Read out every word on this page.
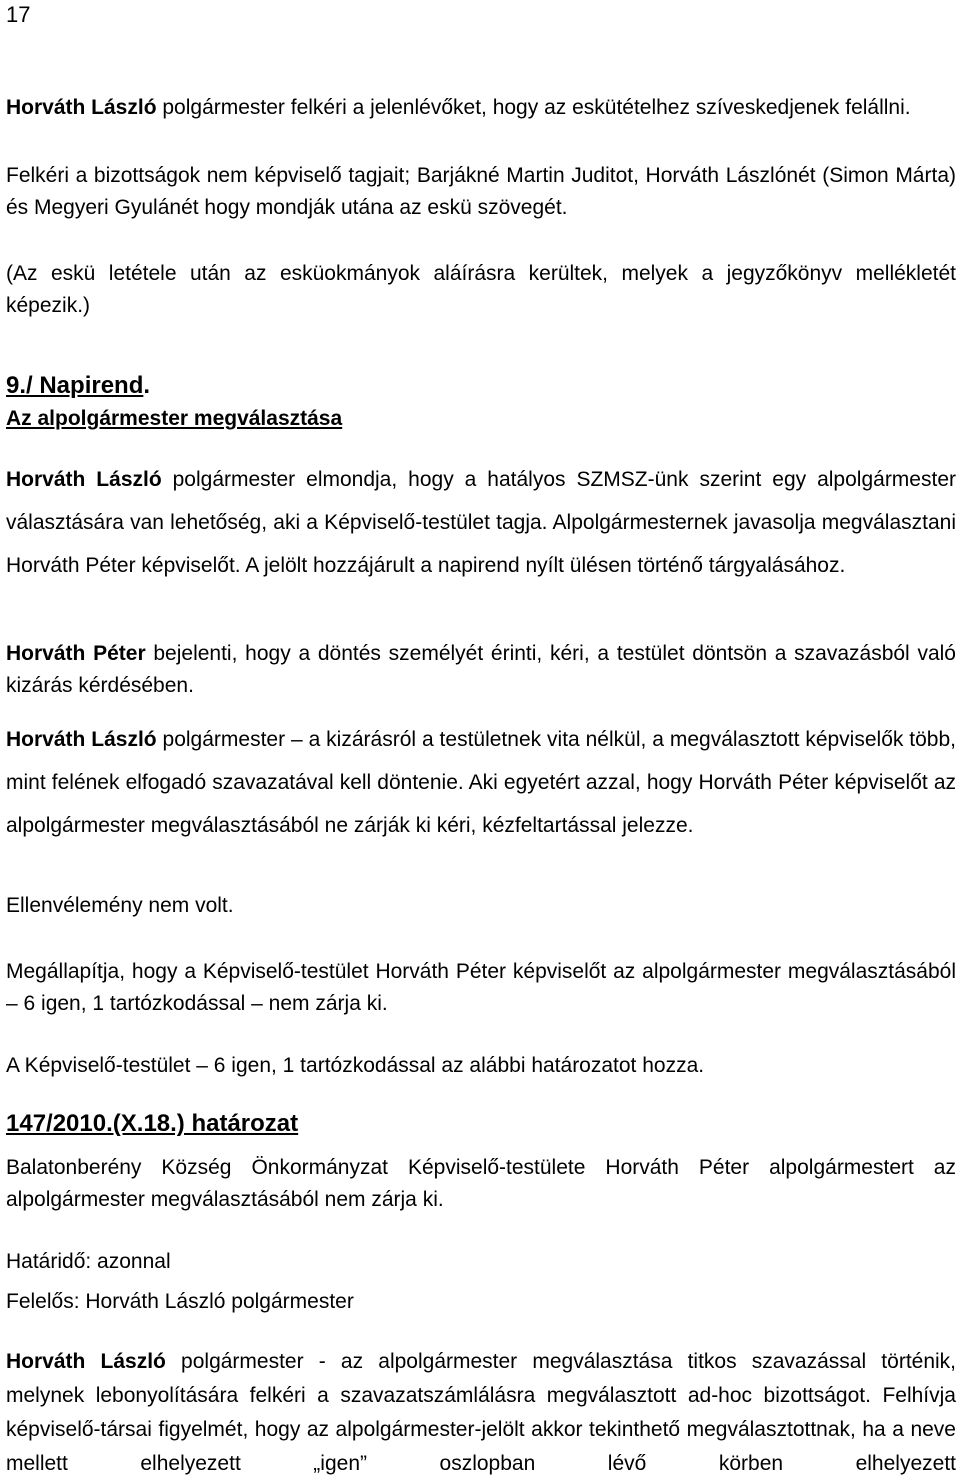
17

Horváth László polgármester felkéri a jelenlévőket, hogy az eskütételhez szíveskedjenek felállni.

Felkéri a bizottságok nem képviselő tagjait; Barjákné Martin Juditot, Horváth Lászlónét (Simon Márta) és Megyeri Gyulánét hogy mondják utána az eskü szövegét.

(Az eskü letétele után az esküokmányok aláírásra kerültek, melyek a jegyzőkönyv mellékletét képezik.)

9./ Napirend.
Az alpolgármester megválasztása

Horváth László polgármester elmondja, hogy a hatályos SZMSZ-ünk szerint egy alpolgármester választására van lehetőség, aki a Képviselő-testület tagja. Alpolgármesternek javasolja megválasztani Horváth Péter képviselőt. A jelölt hozzájárult a napirend nyílt ülésen történő tárgyalásához.

Horváth Péter bejelenti, hogy a döntés személyét érinti, kéri, a testület döntsön a szavazásból való kizárás kérdésében.

Horváth László polgármester – a kizárásról a testületnek vita nélkül, a megválasztott képviselők több, mint felének elfogadó szavazatával kell döntenie. Aki egyetért azzal, hogy Horváth Péter képviselőt az alpolgármester megválasztásából ne zárják ki kéri, kézfeltartással jelezze.

Ellenvélemény nem volt.

Megállapítja, hogy a Képviselő-testület Horváth Péter képviselőt az alpolgármester megválasztásából – 6 igen, 1 tartózkodással – nem zárja ki.

A Képviselő-testület – 6 igen, 1 tartózkodással az alábbi határozatot hozza.

147/2010.(X.18.) határozat

Balatonberény Község Önkormányzat Képviselő-testülete Horváth Péter alpolgármestert az alpolgármester megválasztásából nem zárja ki.

Határidő: azonnal

Felelős: Horváth László polgármester

Horváth László polgármester - az alpolgármester megválasztása titkos szavazással történik, melynek lebonyolítására felkéri a szavazatszámlálásra megválasztott ad-hoc bizottságot. Felhívja képviselő-társai figyelmét, hogy az alpolgármester-jelölt akkor tekinthető megválasztottnak, ha a neve mellett elhelyezett „igen” oszlopban lévő körben elhelyezett
